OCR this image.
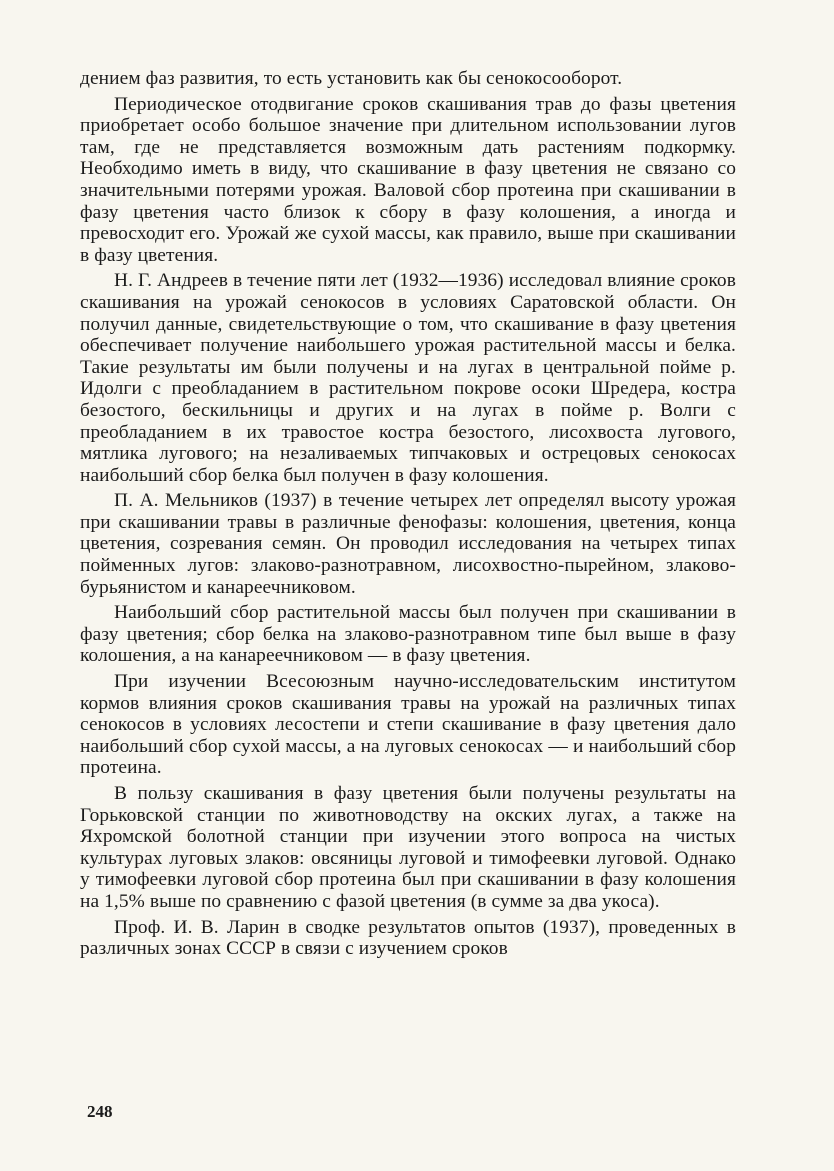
дением фаз развития, то есть установить как бы сенокосооборот.

Периодическое отодвигание сроков скашивания трав до фазы цветения приобретает особо большое значение при длительном использовании лугов там, где не представляется возможным дать растениям подкормку. Необходимо иметь в виду, что скашивание в фазу цветения не связано со значительными потерями урожая. Валовой сбор протеина при скашивании в фазу цветения часто близок к сбору в фазу колошения, а иногда и превосходит его. Урожай же сухой массы, как правило, выше при скашивании в фазу цветения.

Н. Г. Андреев в течение пяти лет (1932—1936) исследовал влияние сроков скашивания на урожай сенокосов в условиях Саратовской области. Он получил данные, свидетельствующие о том, что скашивание в фазу цветения обеспечивает получение наибольшего урожая растительной массы и белка. Такие результаты им были получены и на лугах в центральной пойме р. Идолги с преобладанием в растительном покрове осоки Шредера, костра безостого, бескильницы и других и на лугах в пойме р. Волги с преобладанием в их травостое костра безостого, лисохвоста лугового, мятлика лугового; на незаливаемых типчаковых и острецовых сенокосах наибольший сбор белка был получен в фазу колошения.

П. А. Мельников (1937) в течение четырех лет определял высоту урожая при скашивании травы в различные фенофазы: колошения, цветения, конца цветения, созревания семян. Он проводил исследования на четырех типах пойменных лугов: злаково-разнотравном, лисохвостно-пырейном, злаково-бурьянистом и канареечниковом.

Наибольший сбор растительной массы был получен при скашивании в фазу цветения; сбор белка на злаково-разнотравном типе был выше в фазу колошения, а на канареечниковом — в фазу цветения.

При изучении Всесоюзным научно-исследовательским институтом кормов влияния сроков скашивания травы на урожай на различных типах сенокосов в условиях лесостепи и степи скашивание в фазу цветения дало наибольший сбор сухой массы, а на луговых сенокосах — и наибольший сбор протеина.

В пользу скашивания в фазу цветения были получены результаты на Горьковской станции по животноводству на окских лугах, а также на Яхромской болотной станции при изучении этого вопроса на чистых культурах луговых злаков: овсяницы луговой и тимофеевки луговой. Однако у тимофеевки луговой сбор протеина был при скашивании в фазу колошения на 1,5% выше по сравнению с фазой цветения (в сумме за два укоса).

Проф. И. В. Ларин в сводке результатов опытов (1937), проведенных в различных зонах СССР в связи с изучением сроков

248
